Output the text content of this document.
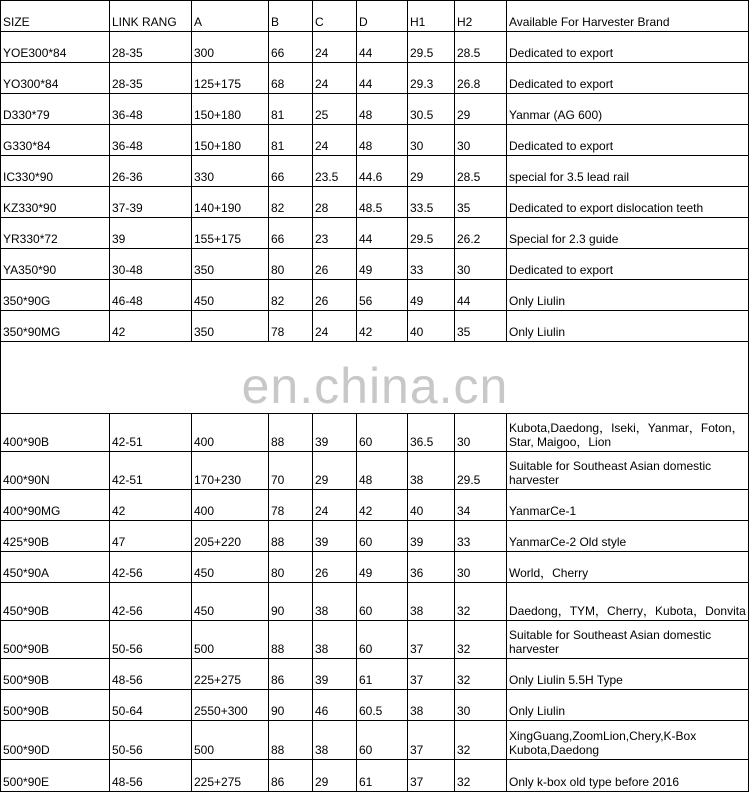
SIZE	LINK RANG	A	B	C	D	H1	H2	Available For Harvester Brand
YOE300*84	28-35	300	66	24	44	29.5	28.5	Dedicated to export
YO300*84	28-35	125+175	68	24	44	29.3	26.8	Dedicated to export
D330*79	36-48	150+180	81	25	48	30.5	29	Yanmar (AG 600)
G330*84	36-48	150+180	81	24	48	30	30	Dedicated to export
IC330*90	26-36	330	66	23.5	44.6	29	28.5	special for 3.5 lead rail
KZ330*90	37-39	140+190	82	28	48.5	33.5	35	Dedicated to export dislocation teeth
YR330*72	39	155+175	66	23	44	29.5	26.2	Special for 2.3 guide
YA350*90	30-48	350	80	26	49	33	30	Dedicated to export
350*90G	46-48	450	82	26	56	49	44	Only Liulin
350*90MG	42	350	78	24	42	40	35	Only Liulin

400*90B	42-51	400	88	39	60	36.5	30	Kubota,Daedong，Iseki，Yanmar，Foton，Star, Maigoo，Lion
400*90N	42-51	170+230	70	29	48	38	29.5	Suitable for Southeast Asian domestic harvester
400*90MG	42	400	78	24	42	40	34	YanmarCe-1
425*90B	47	205+220	88	39	60	39	33	YanmarCe-2 Old style
450*90A	42-56	450	80	26	49	36	30	World，Cherry
450*90B	42-56	450	90	38	60	38	32	Daedong，TYM，Cherry，Kubota，Donvita
500*90B	50-56	500	88	38	60	37	32	Suitable for Southeast Asian domestic harvester
500*90B	48-56	225+275	86	39	61	37	32	Only Liulin 5.5H Type
500*90B	50-64	2550+300	90	46	60.5	38	30	Only Liulin
500*90D	50-56	500	88	38	60	37	32	XingGuang,ZoomLion,Chery,K-Box Kubota,Daedong
500*90E	48-56	225+275	86	29	61	37	32	Only k-box old type before 2016
en.china.cn
